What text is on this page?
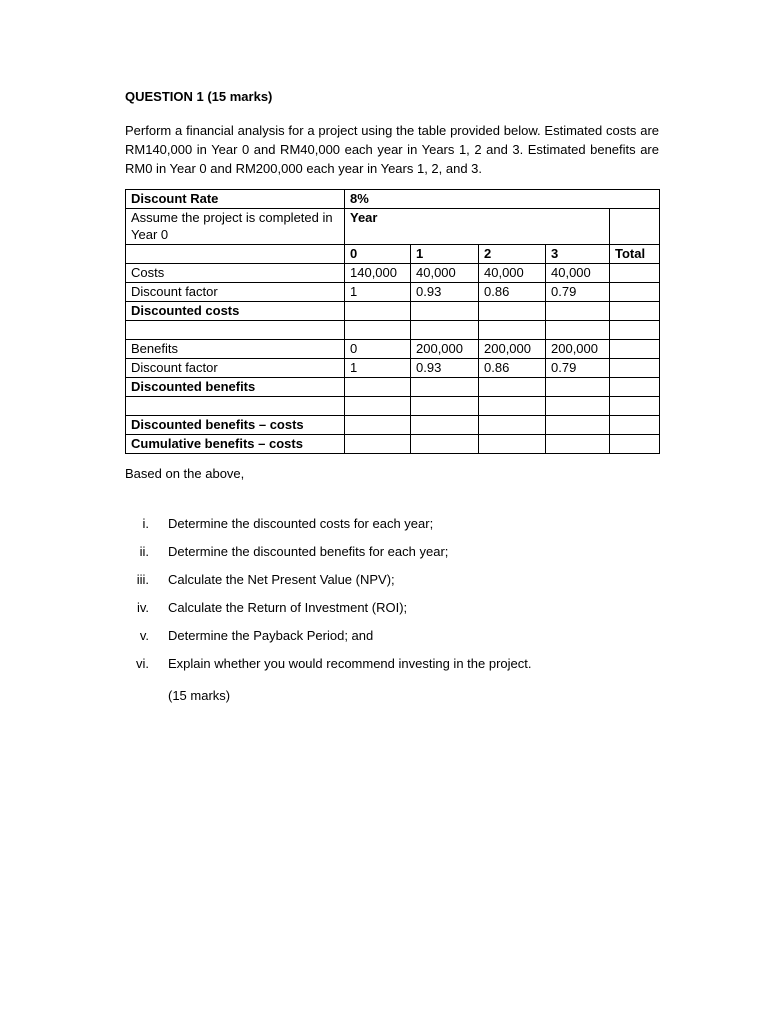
QUESTION 1 (15 marks)
Perform a financial analysis for a project using the table provided below. Estimated costs are RM140,000 in Year 0 and RM40,000 each year in Years 1, 2 and 3. Estimated benefits are RM0 in Year 0 and RM200,000 each year in Years 1, 2, and 3.
Discount Rate	8%				
Assume the project is completed in Year 0	Year				
	0	1	2	3	Total
Costs	140,000	40,000	40,000	40,000	
Discount factor	1	0.93	0.86	0.79	
Discounted costs					

Benefits	0	200,000	200,000	200,000	
Discount factor	1	0.93	0.86	0.79	
Discounted benefits					

Discounted benefits – costs					
Cumulative benefits – costs					
Based on the above,
i. Determine the discounted costs for each year;
ii. Determine the discounted benefits for each year;
iii. Calculate the Net Present Value (NPV);
iv. Calculate the Return of Investment (ROI);
v. Determine the Payback Period; and
vi. Explain whether you would recommend investing in the project.
(15 marks)
